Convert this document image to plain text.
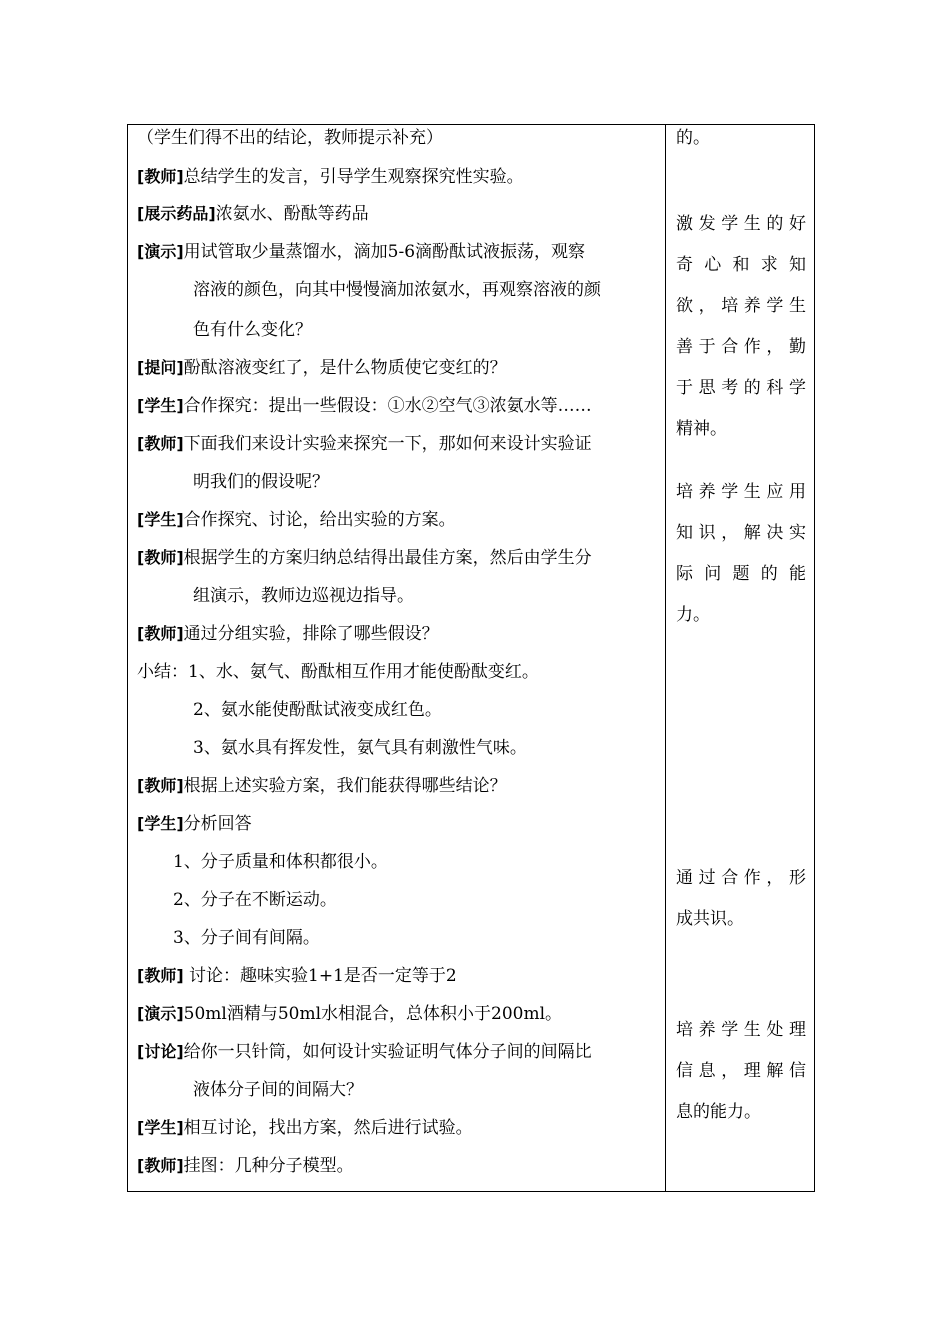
（学生们得不出的结论，教师提示补充）
[教师]总结学生的发言，引导学生观察探究性实验。
[展示药品]浓氨水、酚酞等药品
[演示]用试管取少量蒸馏水，滴加5-6滴酚酞试液振荡，观察
溶液的颜色，向其中慢慢滴加浓氨水，再观察溶液的颜
色有什么变化？
[提问]酚酞溶液变红了，是什么物质使它变红的？
[学生]合作探究：提出一些假设：①水②空气③浓氨水等……
[教师]下面我们来设计实验来探究一下，那如何来设计实验证
明我们的假设呢？
[学生]合作探究、讨论，给出实验的方案。
[教师]根据学生的方案归纳总结得出最佳方案，然后由学生分
组演示，教师边巡视边指导。
[教师]通过分组实验，排除了哪些假设？
小结：1、水、氨气、酚酞相互作用才能使酚酞变红。
2、氨水能使酚酞试液变成红色。
3、氨水具有挥发性，氨气具有刺激性气味。
[教师]根据上述实验方案，我们能获得哪些结论？
[学生]分析回答
1、分子质量和体积都很小。
2、分子在不断运动。
3、分子间有间隔。
[教师] 讨论：趣味实验1+1是否一定等于2
[演示]50ml酒精与50ml水相混合，总体积小于200ml。
[讨论]给你一只针筒，如何设计实验证明气体分子间的间隔比
液体分子间的间隔大？
[学生]相互讨论，找出方案，然后进行试验。
[教师]挂图：几种分子模型。
的。
激发学生的好
奇心和求知
欲，培养学生
善于合作，勤
于思考的科学
精神。
培养学生应用
知识，解决实
际问题的能
力。
通过合作，形
成共识。
培养学生处理
信息，理解信
息的能力。
